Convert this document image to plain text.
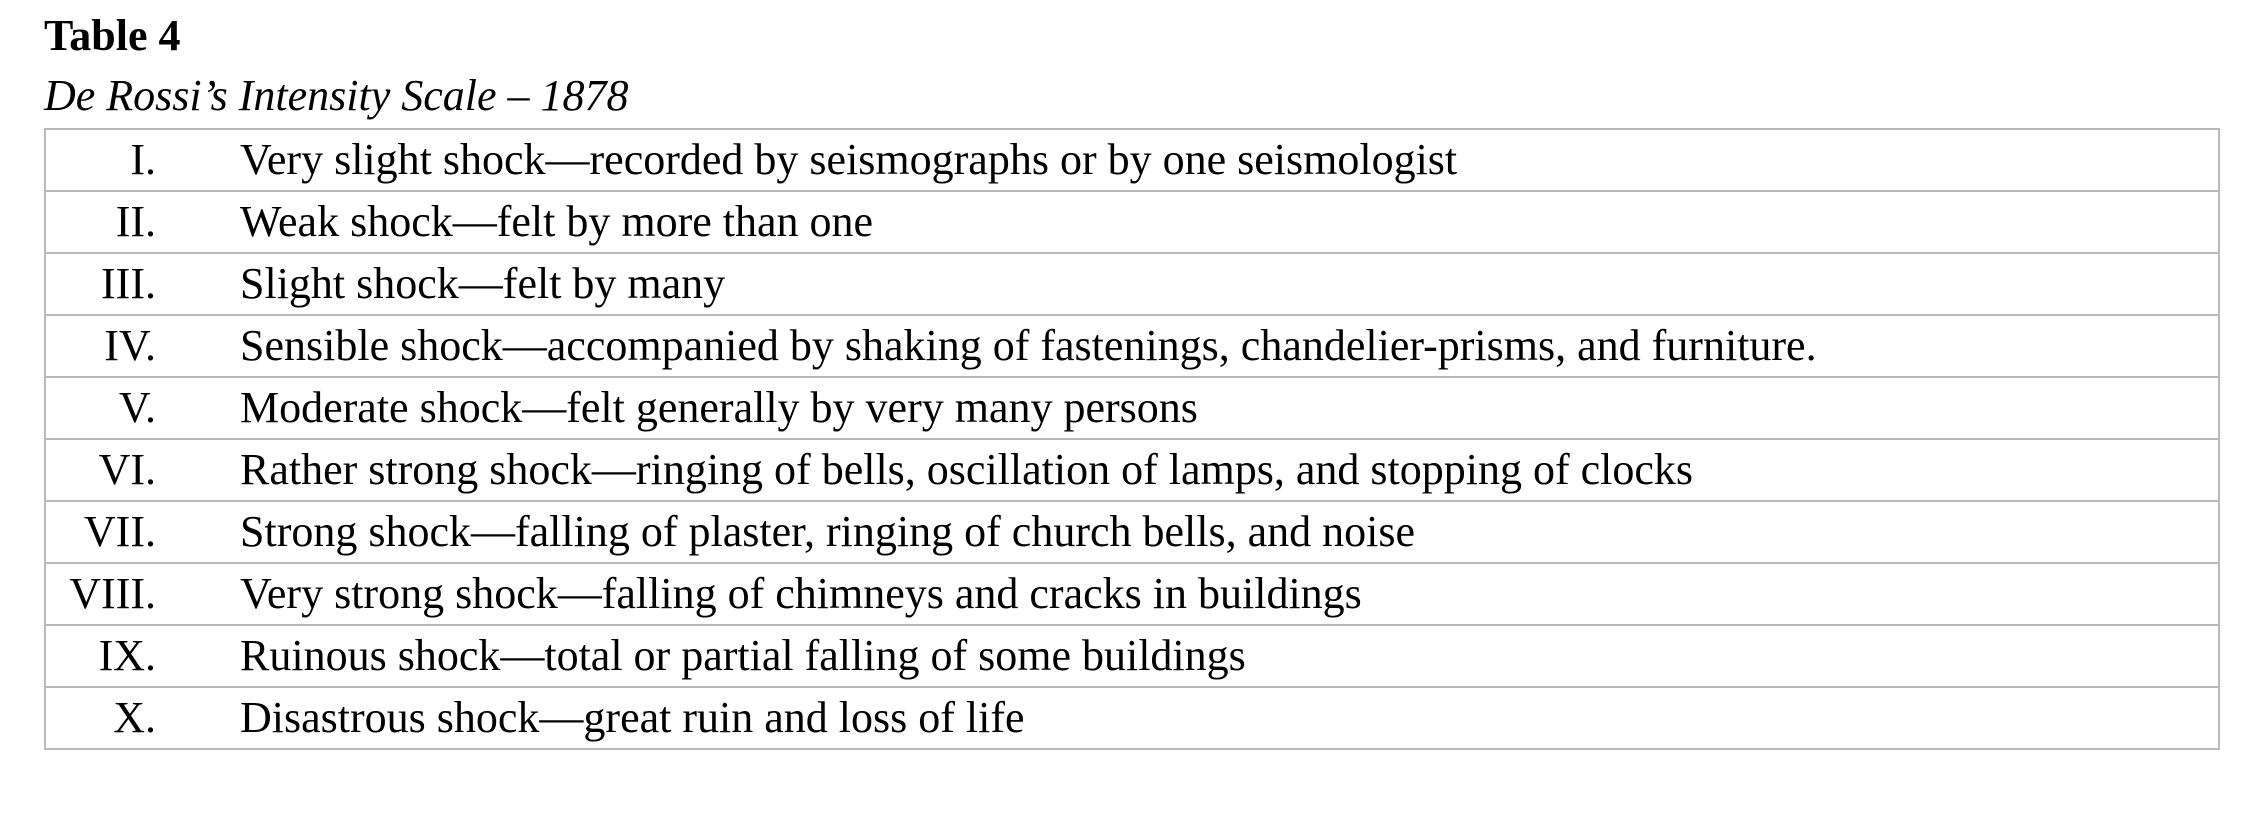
Table 4
De Rossi’s Intensity Scale – 1878
I.	Very slight shock—recorded by seismographs or by one seismologist
II.	Weak shock—felt by more than one
III.	Slight shock—felt by many
IV.	Sensible shock—accompanied by shaking of fastenings, chandelier-prisms, and furniture.
V.	Moderate shock—felt generally by very many persons
VI.	Rather strong shock—ringing of bells, oscillation of lamps, and stopping of clocks
VII.	Strong shock—falling of plaster, ringing of church bells, and noise
VIII.	Very strong shock—falling of chimneys and cracks in buildings
IX.	Ruinous shock—total or partial falling of some buildings
X.	Disastrous shock—great ruin and loss of life
